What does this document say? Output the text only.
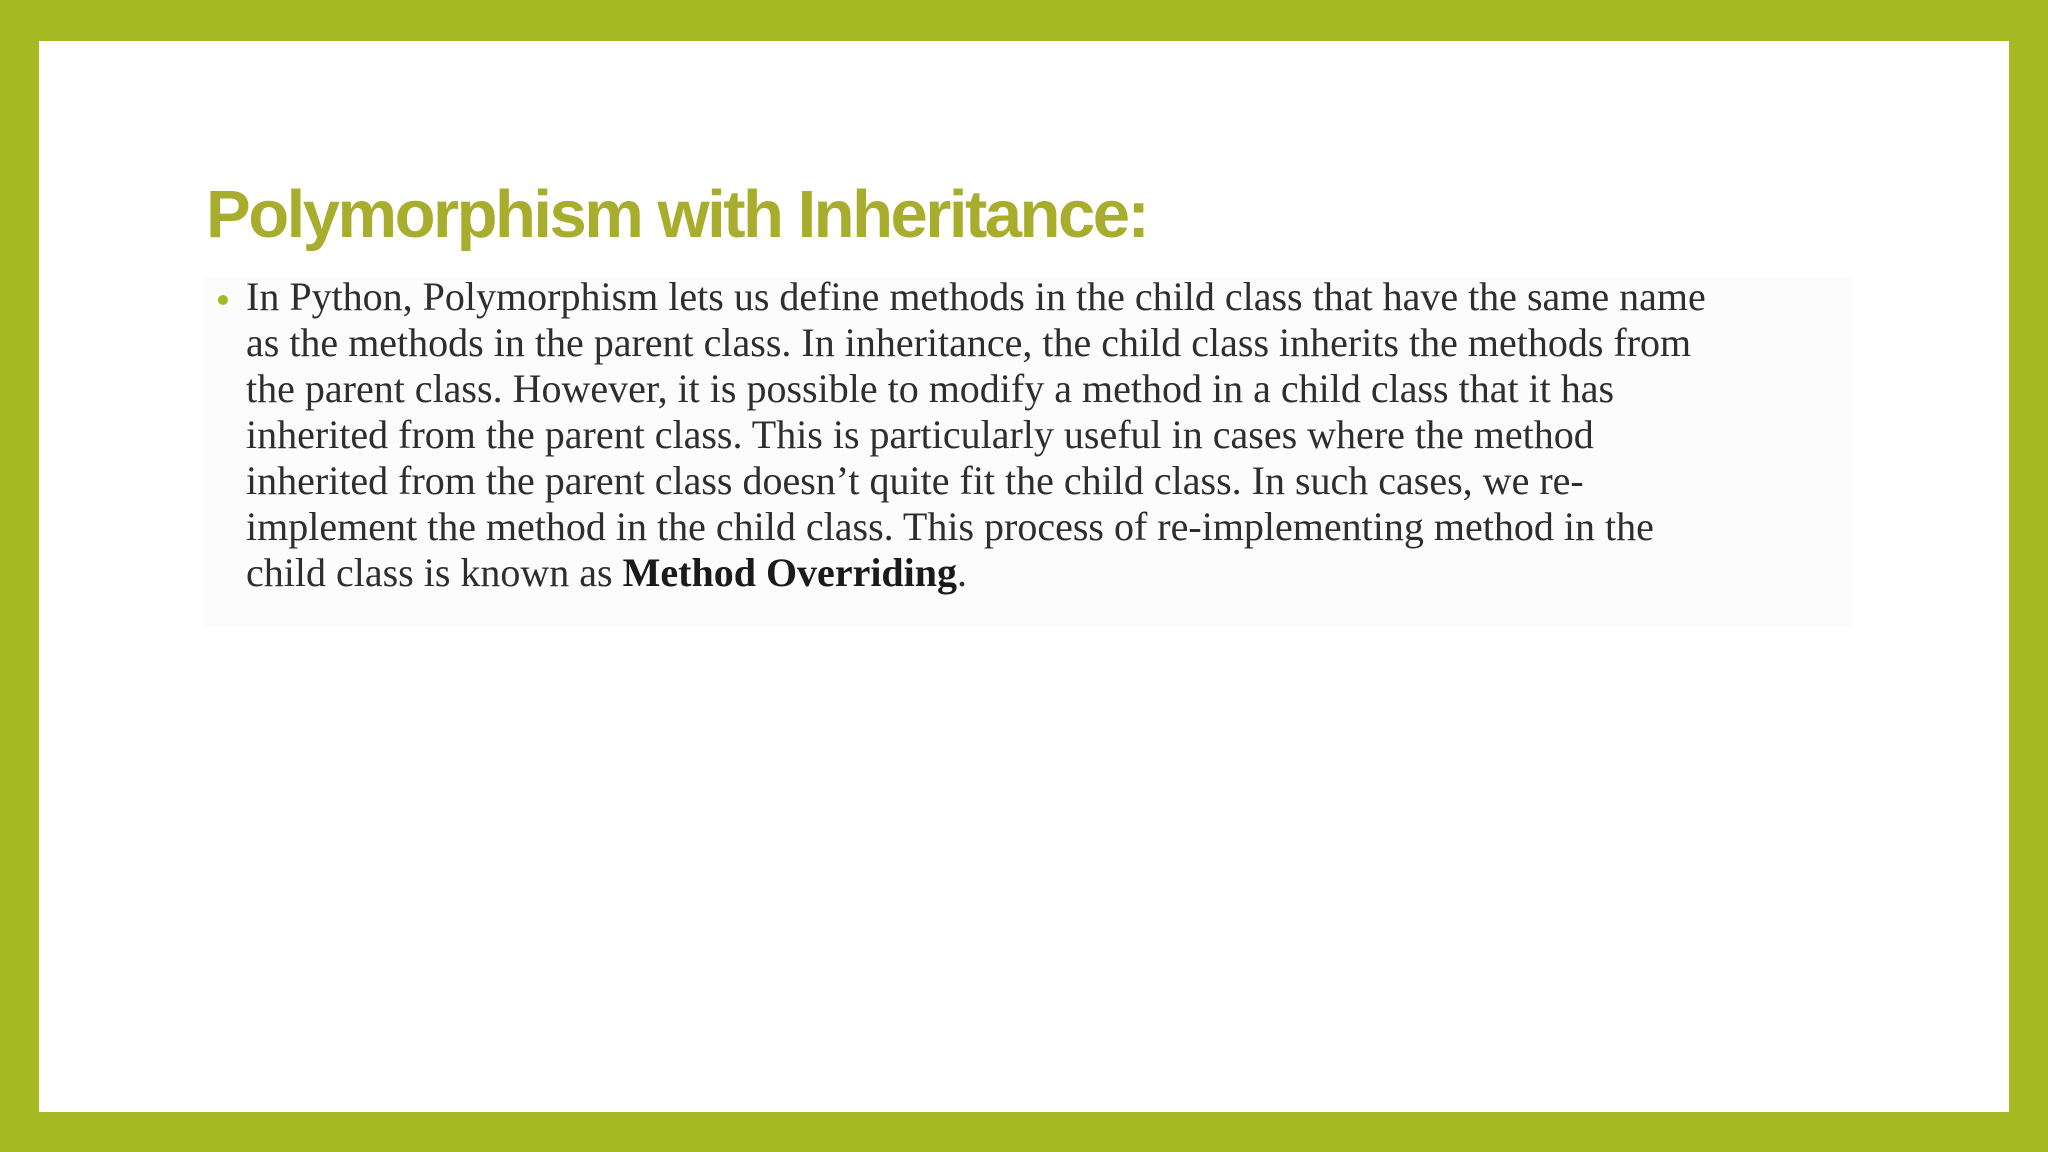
Polymorphism with Inheritance:

In Python, Polymorphism lets us define methods in the child class that have the same name
as the methods in the parent class. In inheritance, the child class inherits the methods from
the parent class. However, it is possible to modify a method in a child class that it has
inherited from the parent class. This is particularly useful in cases where the method
inherited from the parent class doesn’t quite fit the child class. In such cases, we re-
implement the method in the child class. This process of re-implementing method in the
child class is known as Method Overriding.
